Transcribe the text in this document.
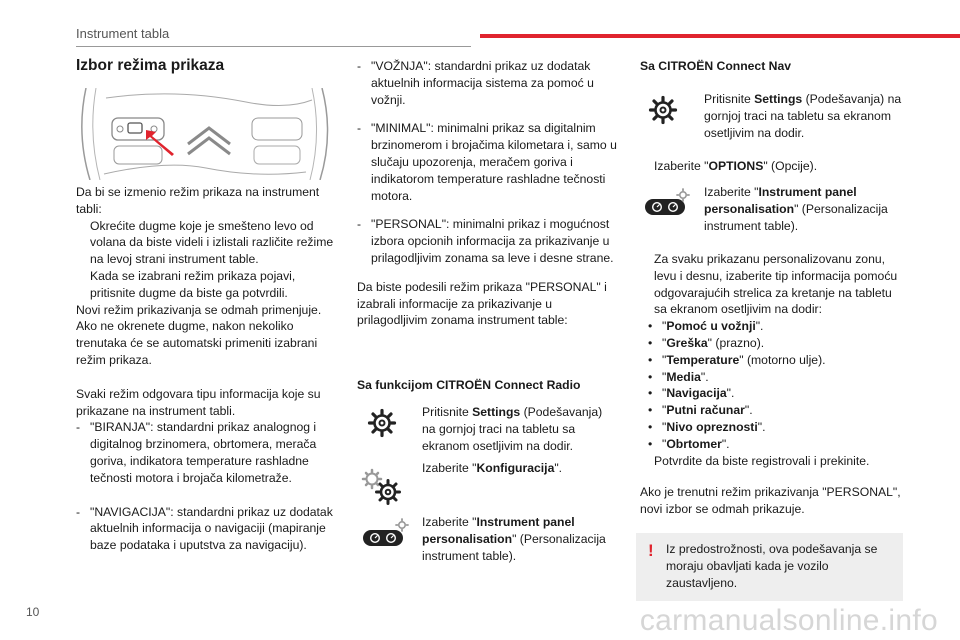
Instrument tabla
Izbor režima prikaza

Da bi se izmenio režim prikaza na instrument tabli:

Okrećite dugme koje je smešteno levo od volana da biste videli i izlistali različite režime na levoj strani instrument table.
Kada se izabrani režim prikaza pojavi, pritisnite dugme da biste ga potvrdili.

Novi režim prikazivanja se odmah primenjuje. Ako ne okrenete dugme, nakon nekoliko trenutaka će se automatski primeniti izabrani režim prikaza.

Svaki režim odgovara tipu informacija koje su prikazane na instrument tabli.

- "BIRANJA": standardni prikaz analognog i digitalnog brzinomera, obrtomera, merača goriva, indikatora temperature rashladne tečnosti motora i brojača kilometraže.
- "NAVIGACIJA": standardni prikaz uz dodatak aktuelnih informacija o navigaciji (mapiranje baze podataka i uputstva za navigaciju).
- "VOŽNJA": standardni prikaz uz dodatak aktuelnih informacija sistema za pomoć u vožnji.
- "MINIMAL": minimalni prikaz sa digitalnim brzinomerom i brojačima kilometara i, samo u slučaju upozorenja, meračem goriva i indikatorom temperature rashladne tečnosti motora.
- "PERSONAL": minimalni prikaz i mogućnost izbora opcionih informacija za prikazivanje u prilagodljivim zonama sa leve i desne strane.

Da biste podesili režim prikaza "PERSONAL" i izabrali informacije za prikazivanje u prilagodljivim zonama instrument table:

Sa funkcijom CITROËN Connect Radio
Pritisnite Settings (Podešavanja) na gornjoj traci na tabletu sa ekranom osetljivim na dodir.
Izaberite "Konfiguracija".
Izaberite "Instrument panel personalisation" (Personalizacija instrument table).
Sa CITROËN Connect Nav
Pritisnite Settings (Podešavanja) na gornjoj traci na tabletu sa ekranom osetljivim na dodir.
Izaberite "OPTIONS" (Opcije).
Izaberite "Instrument panel personalisation" (Personalizacija instrument table).
Za svaku prikazanu personalizovanu zonu, levu i desnu, izaberite tip informacija pomoću odgovarajućih strelica za kretanje na tabletu sa ekranom osetljivim na dodir:
• "Pomoć u vožnji".
• "Greška" (prazno).
• "Temperature" (motorno ulje).
• "Media".
• "Navigacija".
• "Putni računar".
• "Nivo opreznosti".
• "Obrtomer".
Potvrdite da biste registrovali i prekinite.

Ako je trenutni režim prikazivanja "PERSONAL", novi izbor se odmah prikazuje.

! Iz predostrožnosti, ova podešavanja se moraju obavljati kada je vozilo zaustavljeno.
10	carmanualsonline.info
